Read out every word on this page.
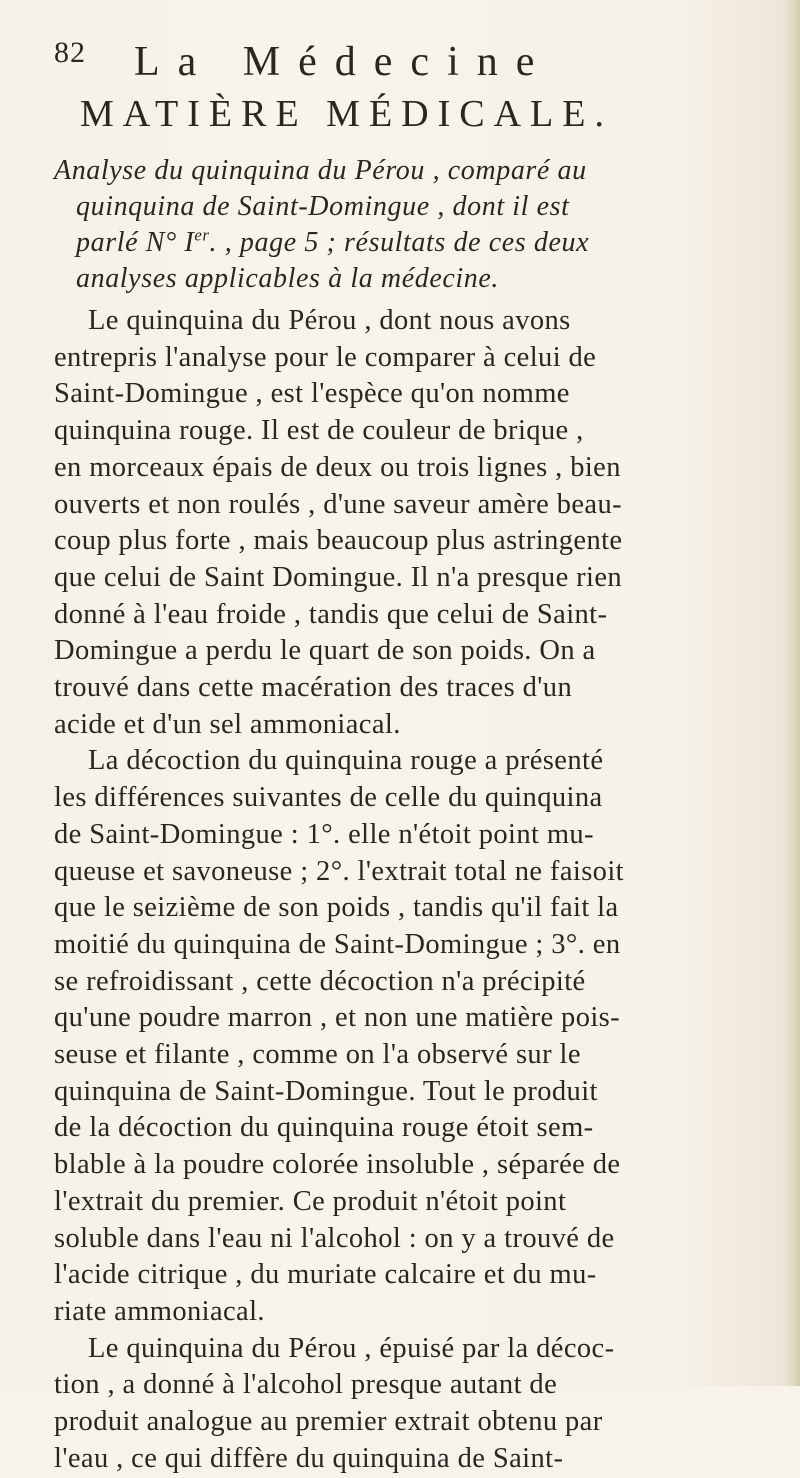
82 La Médecine
MATIÈRE MÉDICALE.
Analyse du quinquina du Pérou , comparé au
quinquina de Saint-Domingue , dont il est
parlé N° Ier. , page 5 ; résultats de ces deux
analyses applicables à la médecine.
Le quinquina du Pérou , dont nous avons
entrepris l'analyse pour le comparer à celui de
Saint-Domingue , est l'espèce qu'on nomme
quinquina rouge. Il est de couleur de brique ,
en morceaux épais de deux ou trois lignes , bien
ouverts et non roulés , d'une saveur amère beau-
coup plus forte , mais beaucoup plus astringente
que celui de Saint Domingue. Il n'a presque rien
donné à l'eau froide , tandis que celui de Saint-
Domingue a perdu le quart de son poids. On a
trouvé dans cette macération des traces d'un
acide et d'un sel ammoniacal.
La décoction du quinquina rouge a présenté
les différences suivantes de celle du quinquina
de Saint-Domingue : 1°. elle n'étoit point mu-
queuse et savoneuse ; 2°. l'extrait total ne faisoit
que le seizième de son poids , tandis qu'il fait la
moitié du quinquina de Saint-Domingue ; 3°. en
se refroidissant , cette décoction n'a précipité
qu'une poudre marron , et non une matière pois-
seuse et filante , comme on l'a observé sur le
quinquina de Saint-Domingue. Tout le produit
de la décoction du quinquina rouge étoit sem-
blable à la poudre colorée insoluble , séparée de
l'extrait du premier. Ce produit n'étoit point
soluble dans l'eau ni l'alcohol : on y a trouvé de
l'acide citrique , du muriate calcaire et du mu-
riate ammoniacal.
Le quinquina du Pérou , épuisé par la décoc-
tion , a donné à l'alcohol presque autant de
produit analogue au premier extrait obtenu par
l'eau , ce qui diffère du quinquina de Saint-
